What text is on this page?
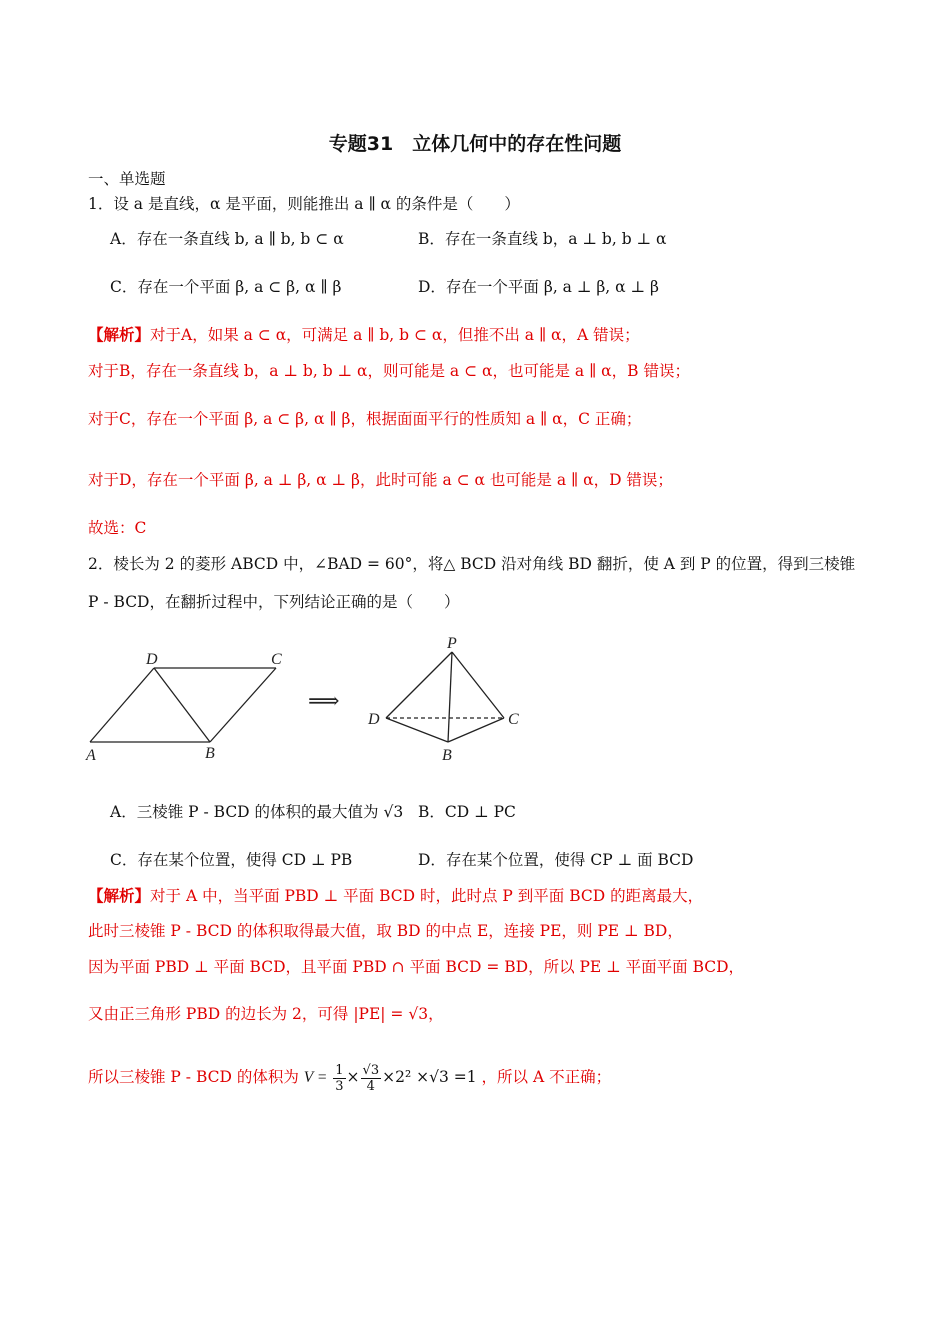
专题31　立体几何中的存在性问题
一、单选题
1．设 a 是直线，α 是平面，则能推出 a ∥ α 的条件是（　　）
A．存在一条直线 b, a ∥ b, b ⊂ α	B．存在一条直线 b，a ⊥ b, b ⊥ α
C．存在一个平面 β, a ⊂ β, α ∥ β	D．存在一个平面 β, a ⊥ β, α ⊥ β
【解析】对于A，如果 a ⊂ α，可满足 a ∥ b, b ⊂ α，但推不出 a ∥ α，A 错误；
对于B，存在一条直线 b，a ⊥ b, b ⊥ α，则可能是 a ⊂ α，也可能是 a ∥ α，B 错误；
对于C，存在一个平面 β, a ⊂ β, α ∥ β，根据面面平行的性质知 a ∥ α，C 正确；
对于D，存在一个平面 β, a ⊥ β, α ⊥ β，此时可能 a ⊂ α 也可能是 a ∥ α，D 错误；
故选：C
2．棱长为 2 的菱形 ABCD 中，∠BAD = 60°，将△ BCD 沿对角线 BD 翻折，使 A 到 P 的位置，得到三棱锥
P - BCD，在翻折过程中，下列结论正确的是（　　）
D	C
A	B
⟹
P
D	C
B
A．三棱锥 P - BCD 的体积的最大值为 √3 B．CD ⊥ PC
C．存在某个位置，使得 CD ⊥ PB	D．存在某个位置，使得 CP ⊥ 面 BCD
【解析】对于 A 中，当平面 PBD ⊥ 平面 BCD 时，此时点 P 到平面 BCD 的距离最大，
此时三棱锥 P - BCD 的体积取得最大值，取 BD 的中点 E，连接 PE，则 PE ⊥ BD，
因为平面 PBD ⊥ 平面 BCD，且平面 PBD ∩ 平面 BCD = BD，所以 PE ⊥ 平面平面 BCD，
又由正三角形 PBD 的边长为 2，可得 |PE| = √3，
所以三棱锥 P - BCD 的体积为 $V = \frac{1}{3} \times \frac{√3}{4} \times 2^2 \times√3 =1$ ，所以 A 不正确；
